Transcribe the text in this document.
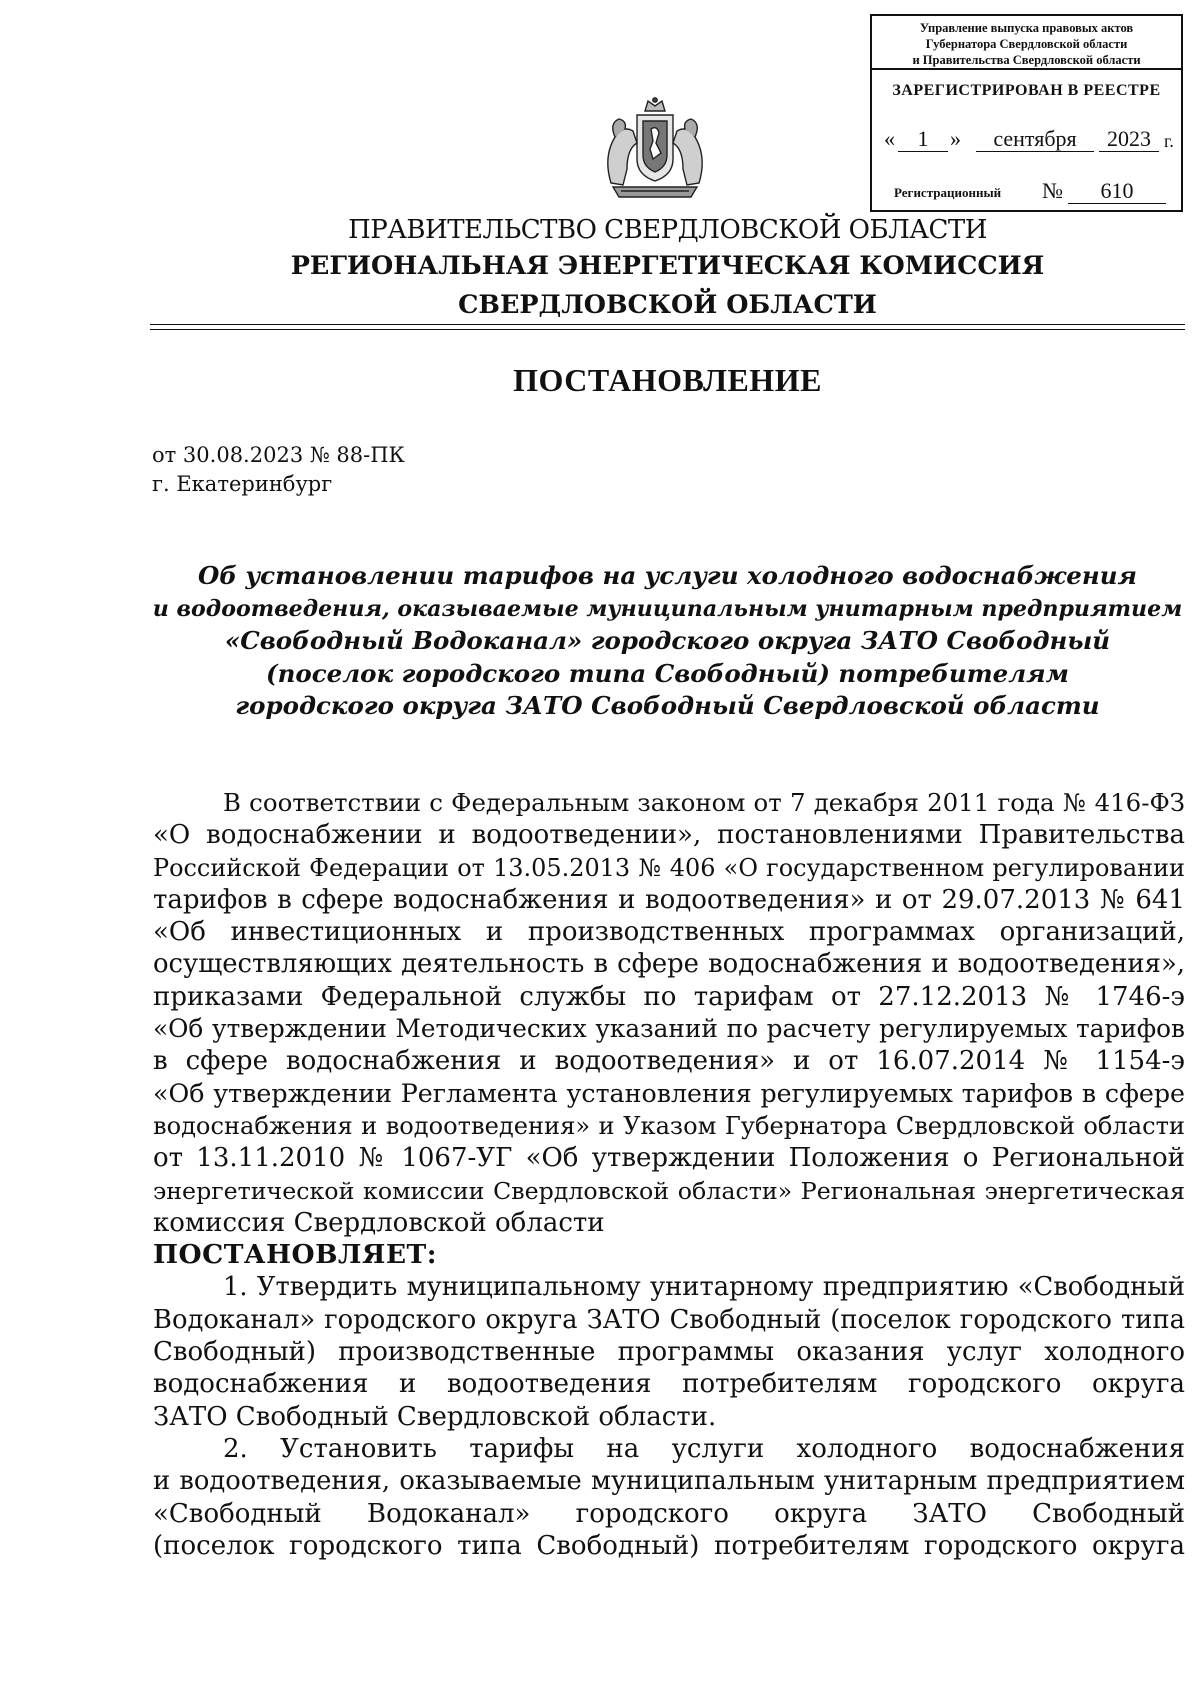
Управление выпуска правовых актов
Губернатора Свердловской области
и Правительства Свердловской области
ЗАРЕГИСТРИРОВАН В РЕЕСТРЕ
«	1 »	сентября	2023 г.
Регистрационный №	610
ПРАВИТЕЛЬСТВО СВЕРДЛОВСКОЙ ОБЛАСТИ
РЕГИОНАЛЬНАЯ ЭНЕРГЕТИЧЕСКАЯ КОМИССИЯ
СВЕРДЛОВСКОЙ ОБЛАСТИ
ПОСТАНОВЛЕНИЕ
от 30.08.2023 № 88-ПК
г. Екатеринбург
Об установлении тарифов на услуги холодного водоснабжения
и водоотведения, оказываемые муниципальным унитарным предприятием
«Свободный Водоканал» городского округа ЗАТО Свободный
(поселок городского типа Свободный) потребителям
городского округа ЗАТО Свободный Свердловской области
В соответствии с Федеральным законом от 7 декабря 2011 года № 416-ФЗ
«О водоснабжении и водоотведении», постановлениями Правительства
Российской Федерации от 13.05.2013 № 406 «О государственном регулировании
тарифов в сфере водоснабжения и водоотведения» и от 29.07.2013 № 641
«Об инвестиционных и производственных программах организаций,
осуществляющих деятельность в сфере водоснабжения и водоотведения»,
приказами Федеральной службы по тарифам от 27.12.2013 № 1746-э
«Об утверждении Методических указаний по расчету регулируемых тарифов
в сфере водоснабжения и водоотведения» и от 16.07.2014 № 1154-э
«Об утверждении Регламента установления регулируемых тарифов в сфере
водоснабжения и водоотведения» и Указом Губернатора Свердловской области
от 13.11.2010 № 1067-УГ «Об утверждении Положения о Региональной
энергетической комиссии Свердловской области» Региональная энергетическая
комиссия Свердловской области
ПОСТАНОВЛЯЕТ:
1. Утвердить муниципальному унитарному предприятию «Свободный
Водоканал» городского округа ЗАТО Свободный (поселок городского типа
Свободный) производственные программы оказания услуг холодного
водоснабжения и водоотведения потребителям городского округа
ЗАТО Свободный Свердловской области.
2. Установить тарифы на услуги холодного водоснабжения
и водоотведения, оказываемые муниципальным унитарным предприятием
«Свободный Водоканал» городского округа ЗАТО Свободный
(поселок городского типа Свободный) потребителям городского округа
